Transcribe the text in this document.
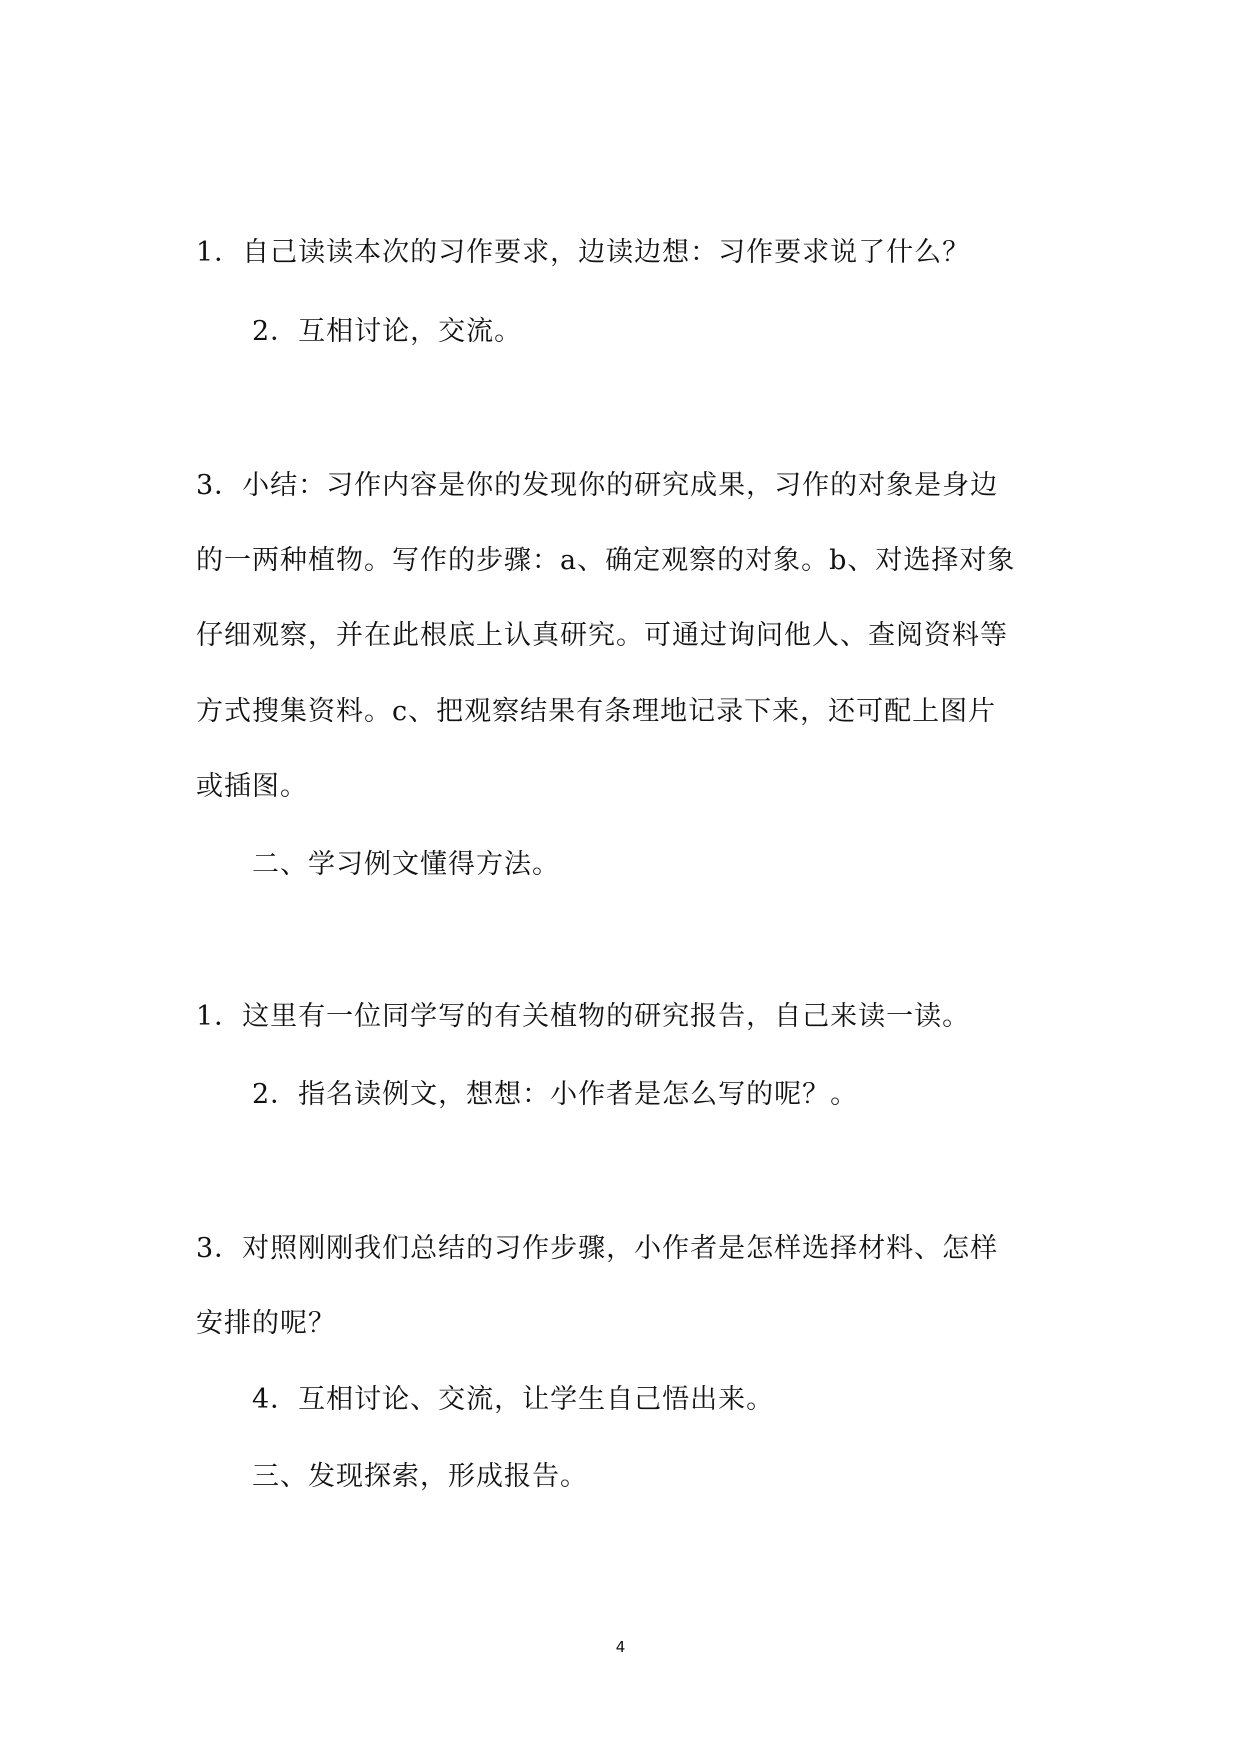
1．自己读读本次的习作要求，边读边想：习作要求说了什么？
2．互相讨论，交流。
3．小结：习作内容是你的发现你的研究成果，习作的对象是身边
的一两种植物。写作的步骤：a、确定观察的对象。b、对选择对象
仔细观察，并在此根底上认真研究。可通过询问他人、查阅资料等
方式搜集资料。c、把观察结果有条理地记录下来，还可配上图片
或插图。
二、学习例文懂得方法。
1．这里有一位同学写的有关植物的研究报告，自己来读一读。
2．指名读例文，想想：小作者是怎么写的呢？。
3．对照刚刚我们总结的习作步骤，小作者是怎样选择材料、怎样
安排的呢？
4．互相讨论、交流，让学生自己悟出来。
三、发现探索，形成报告。
4
